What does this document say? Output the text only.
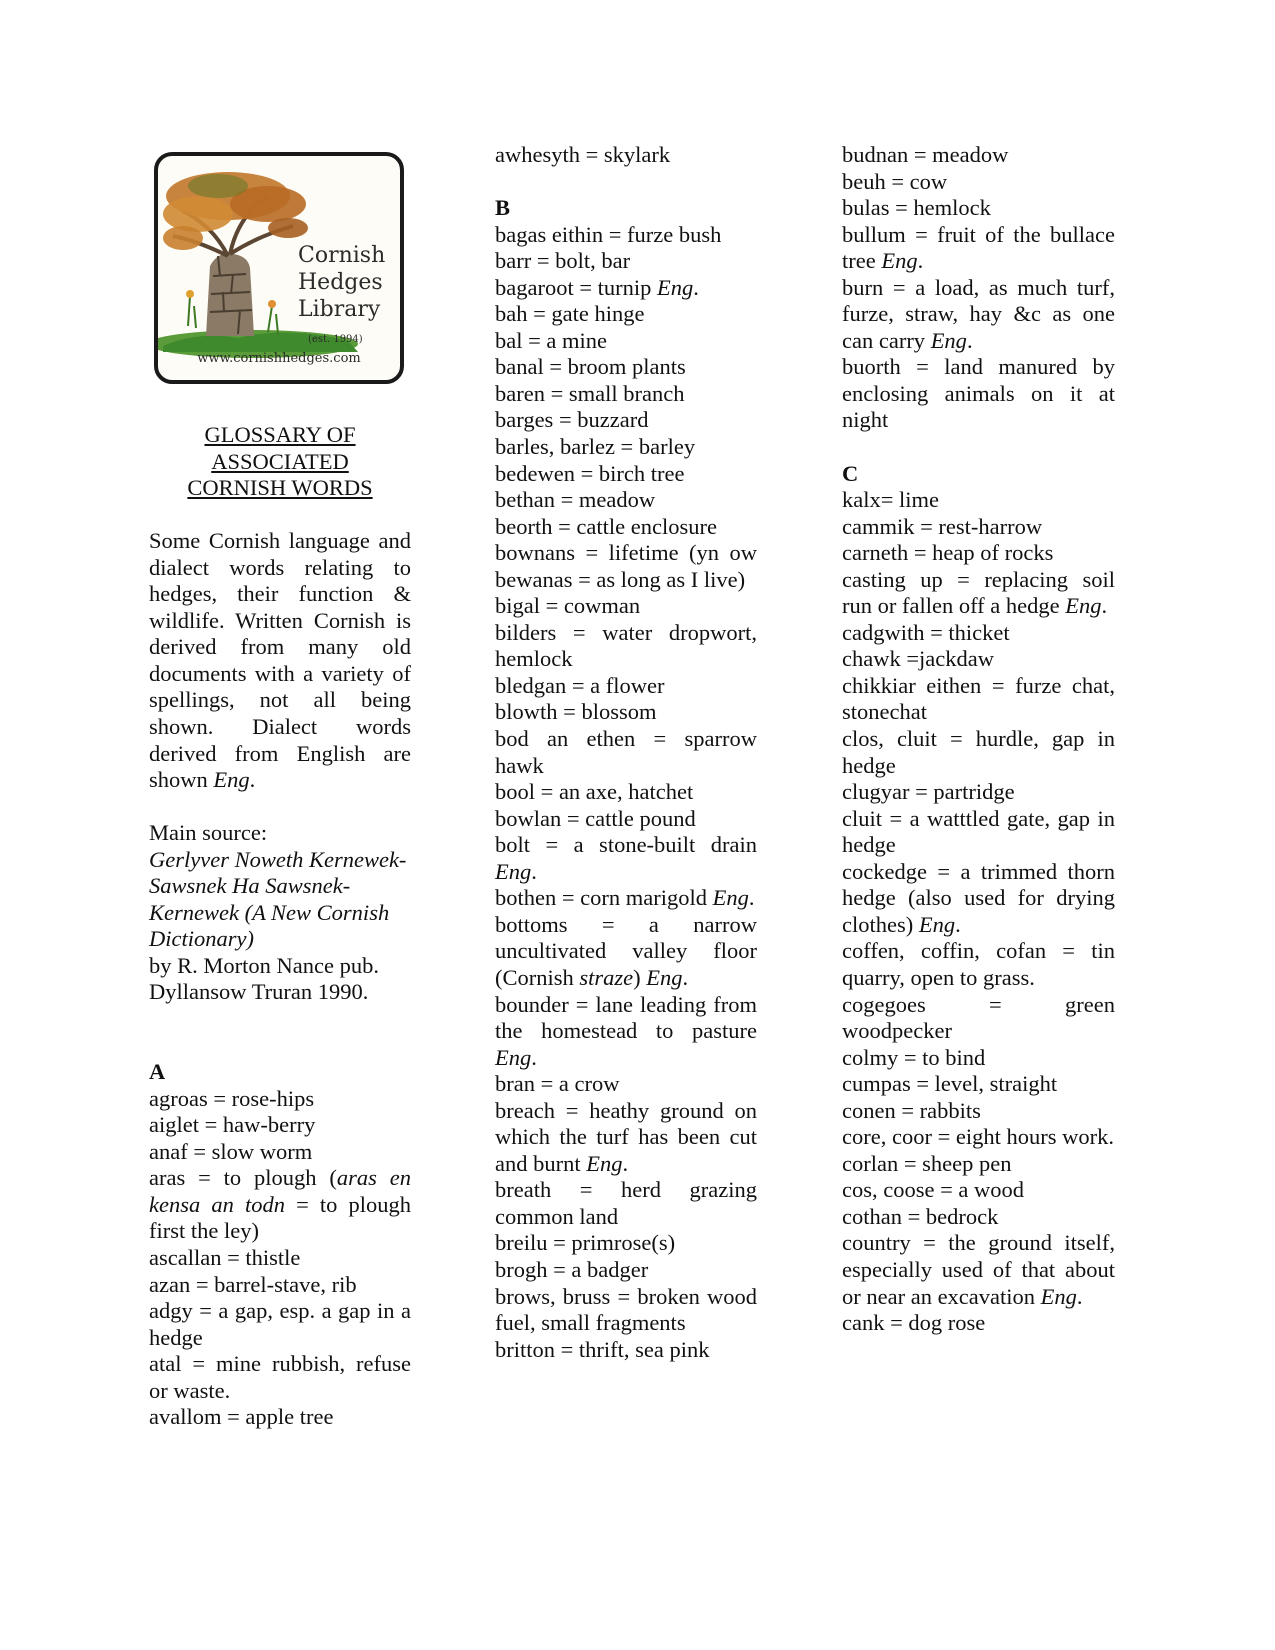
Cornish
Hedges
Library
(est. 1994)
www.cornishhedges.com
GLOSSARY OF
ASSOCIATED
CORNISH WORDS
Some Cornish language and dialect words relating to hedges, their function & wildlife. Written Cornish is derived from many old documents with a variety of spellings, not all being shown. Dialect words derived from English are shown Eng.
Main source:
Gerlyver Noweth Kernewek-Sawsnek Ha Sawsnek-Kernewek (A New Cornish Dictionary)
by R. Morton Nance pub.
Dyllansow Truran 1990.
A
agroas = rose-hips
aiglet = haw-berry
anaf = slow worm
aras = to plough (aras en kensa an todn = to plough first the ley)
ascallan = thistle
azan = barrel-stave, rib
adgy = a gap, esp. a gap in a hedge
atal = mine rubbish, refuse or waste.
avallom = apple tree
awhesyth = skylark
B
bagas eithin = furze bush
barr = bolt, bar
bagaroot = turnip Eng.
bah = gate hinge
bal = a mine
banal = broom plants
baren = small branch
barges = buzzard
barles, barlez = barley
bedewen = birch tree
bethan = meadow
beorth = cattle enclosure
bownans = lifetime (yn ow bewanas = as long as I live)
bigal = cowman
bilders = water dropwort, hemlock
bledgan = a flower
blowth = blossom
bod an ethen = sparrow hawk
bool = an axe, hatchet
bowlan = cattle pound
bolt = a stone-built drain Eng.
bothen = corn marigold Eng.
bottoms = a narrow uncultivated valley floor (Cornish straze) Eng.
bounder = lane leading from the homestead to pasture Eng.
bran = a crow
breach = heathy ground on which the turf has been cut and burnt Eng.
breath = herd grazing common land
breilu = primrose(s)
brogh = a badger
brows, bruss = broken wood fuel, small fragments
britton = thrift, sea pink
budnan = meadow
beuh = cow
bulas = hemlock
bullum = fruit of the bullace tree Eng.
burn = a load, as much turf, furze, straw, hay &c as one can carry Eng.
buorth = land manured by enclosing animals on it at night
C
kalx= lime
cammik = rest-harrow
carneth = heap of rocks
casting up = replacing soil run or fallen off a hedge Eng.
cadgwith = thicket
chawk =jackdaw
chikkiar eithen = furze chat, stonechat
clos, cluit = hurdle, gap in hedge
clugyar = partridge
cluit = a watttled gate, gap in hedge
cockedge = a trimmed thorn hedge (also used for drying clothes) Eng.
coffen, coffin, cofan = tin quarry, open to grass.
cogegoes = green woodpecker
colmy = to bind
cumpas = level, straight
conen = rabbits
core, coor = eight hours work.
corlan = sheep pen
cos, coose = a wood
cothan = bedrock
country = the ground itself, especially used of that about or near an excavation Eng.
cank = dog rose
